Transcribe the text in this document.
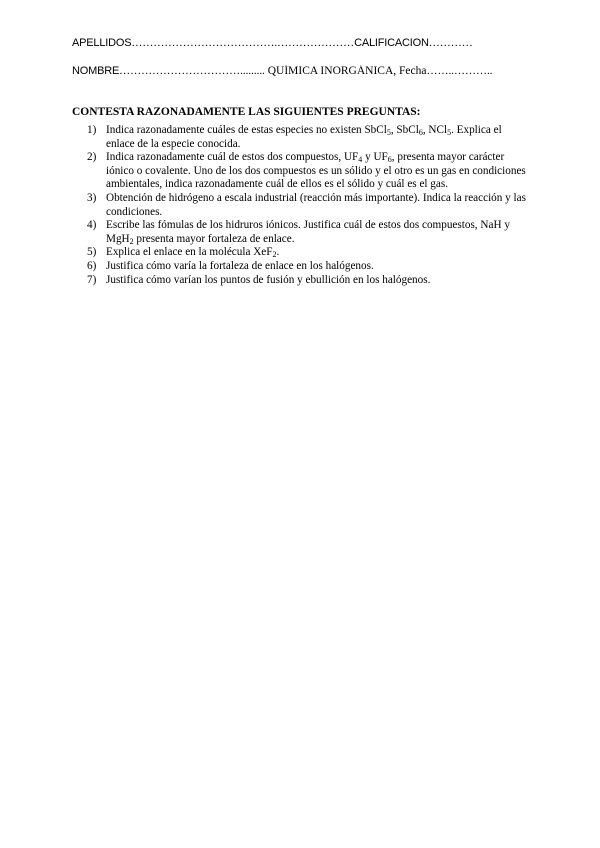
APELLIDOS………………………………….…………………CALIFICACION…………
NOMBRE……………………………......... QUÍMICA INORGÁNICA, Fecha……..………..
CONTESTA RAZONADAMENTE LAS SIGUIENTES PREGUNTAS:
1) Indica razonadamente cuáles de estas especies no existen SbCl$_5$, SbCl$_6$, NCl$_5$. Explica el enlace de la especie conocida.
2) Indica razonadamente cuál de estos dos compuestos, $UF_4$ y $UF_6$, presenta mayor carácter iónico o covalente. Uno de los dos compuestos es un sólido y el otro es un gas en condiciones ambientales, indica razonadamente cuál de ellos es el sólido y cuál es el gas.
3) Obtención de hidrógeno a escala industrial (reacción más importante). Indica la reacción y las condiciones.
4) Escribe las fómulas de los hidruros iónicos. Justifica cuál de estos dos compuestos, NaH y MgH$_2$ presenta mayor fortaleza de enlace.
5) Explica el enlace en la molécula XeF$_2$.
6) Justifica cómo varía la fortaleza de enlace en los halógenos.
7) Justifica cómo varían los puntos de fusión y ebullición en los halógenos.
